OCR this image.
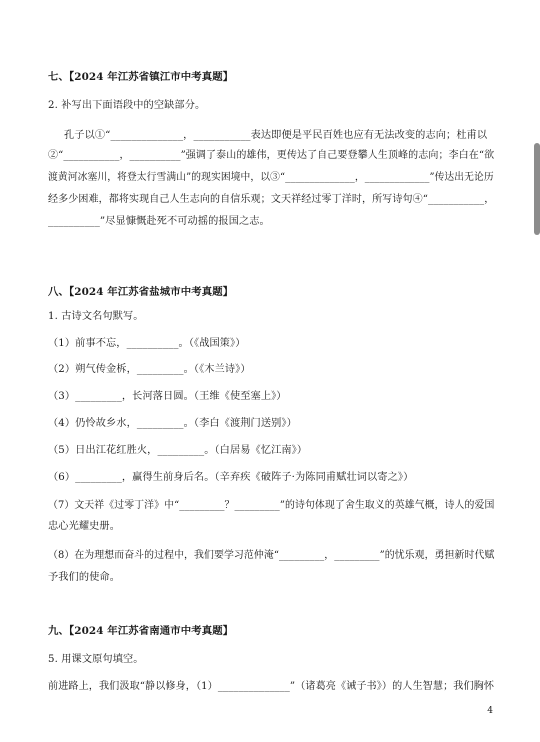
七、【2024 年江苏省镇江市中考真题】
2. 补写出下面语段中的空缺部分。
孔子以①“______________，___________表达即便是平民百姓也应有无法改变的志向；杜甫以
②“___________，__________”强调了泰山的雄伟，更传达了自己要登攀人生顶峰的志向；李白在“欲
渡黄河冰塞川，将登太行雪满山”的现实困境中，以③“______________，_____________”传达出无论历
经多少困难，都将实现自己人生志向的自信乐观；文天祥经过零丁洋时，所写诗句④“___________，
__________”尽显慷慨赴死不可动摇的报国之志。
八、【2024 年江苏省盐城市中考真题】
1. 古诗文名句默写。
（1）前事不忘，__________。（《战国策》）
（2）朔气传金柝，_________。（《木兰诗》）
（3）_________，长河落日圆。（王维《使至塞上》）
（4）仍怜故乡水，_________。（李白《渡荆门送别》）
（5）日出江花红胜火，_________。（白居易《忆江南》）
（6）_________，赢得生前身后名。（辛弃疾《破阵子·为陈同甫赋壮词以寄之》）
（7）文天祥《过零丁洋》中“_________？_________”的诗句体现了舍生取义的英雄气概，诗人的爱国
忠心光耀史册。
（8）在为理想而奋斗的过程中，我们要学习范仲淹“_________，_________”的忧乐观，勇担新时代赋
予我们的使命。
九、【2024 年江苏省南通市中考真题】
5. 用课文原句填空。
前进路上，我们汲取“静以修身，（1）______________”（诸葛亮《诫子书》）的人生智慧；我们胸怀
4
